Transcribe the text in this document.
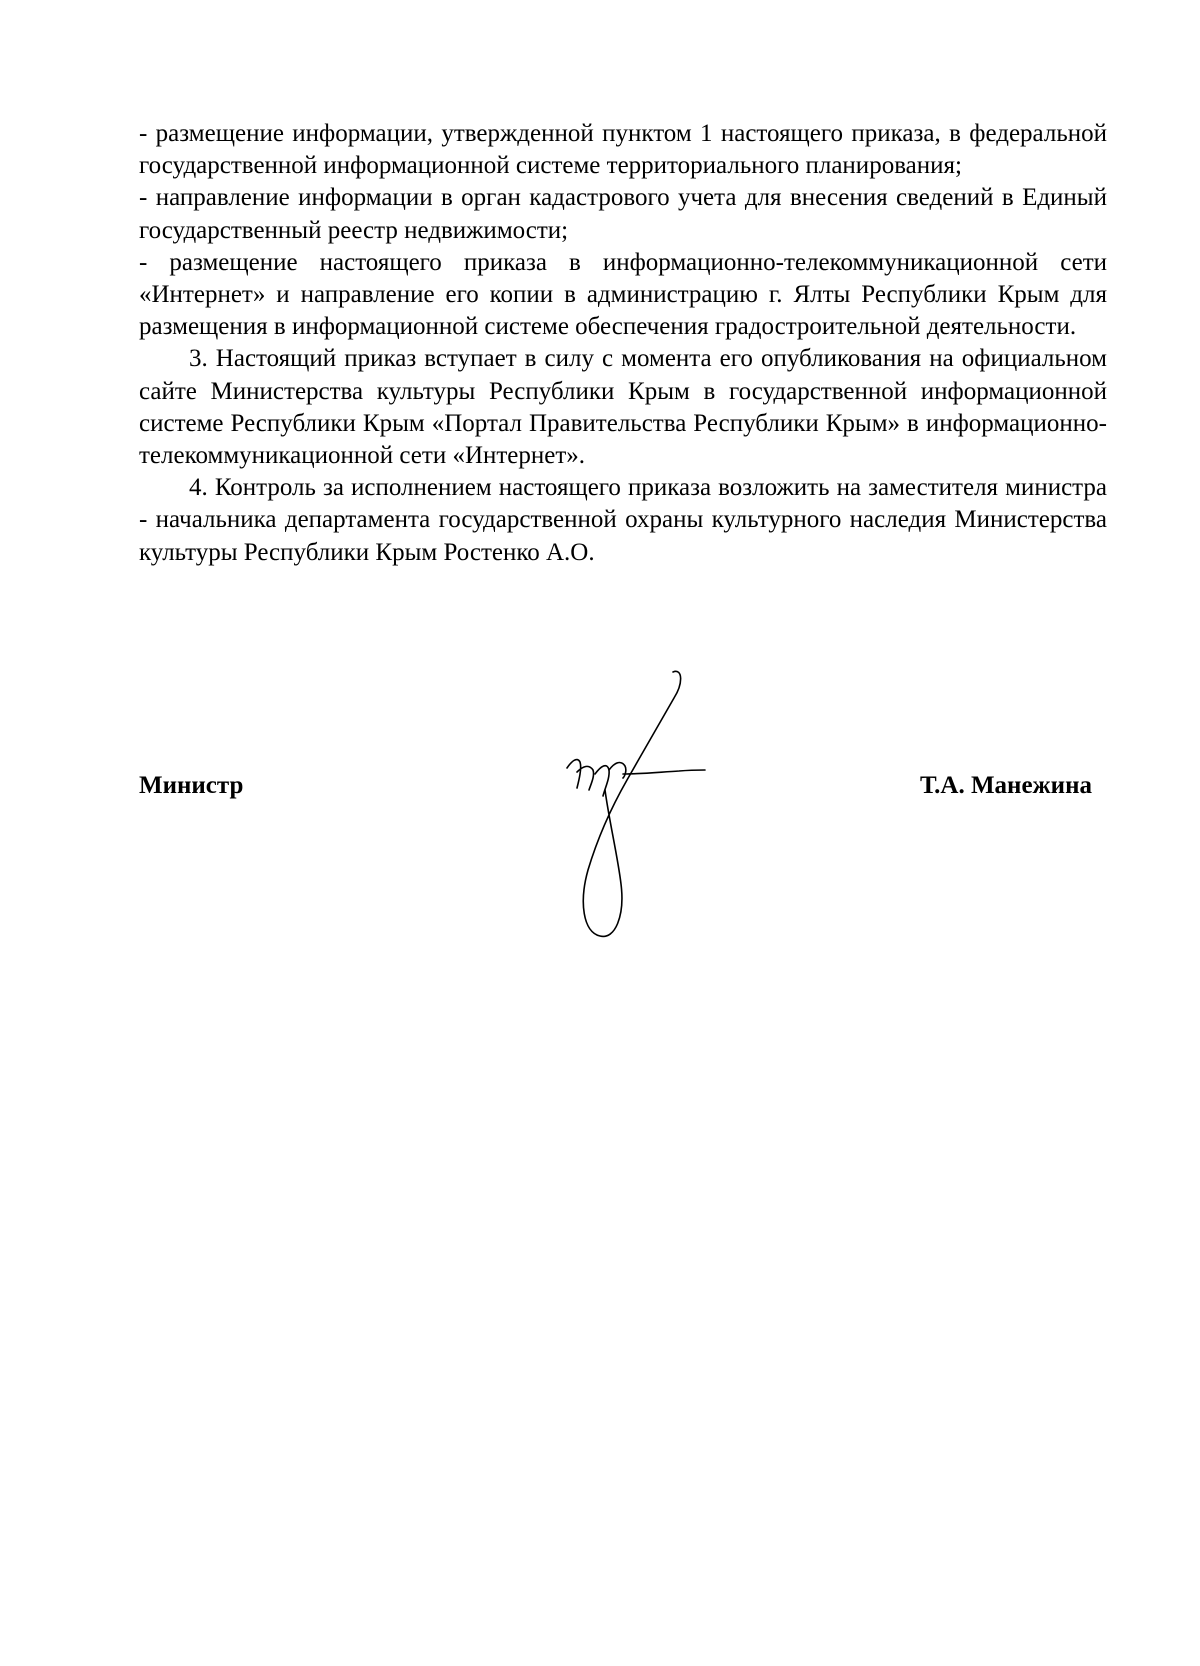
- размещение информации, утвержденной пунктом 1 настоящего приказа, в федеральной государственной информационной системе территориального планирования;

- направление информации в орган кадастрового учета для внесения сведений в Единый государственный реестр недвижимости;

- размещение настоящего приказа в информационно-телекоммуникационной сети «Интернет» и направление его копии в администрацию г. Ялты Республики Крым для размещения в информационной системе обеспечения градостроительной деятельности.

3. Настоящий приказ вступает в силу с момента его опубликования на официальном сайте Министерства культуры Республики Крым в государственной информационной системе Республики Крым «Портал Правительства Республики Крым» в информационно-телекоммуникационной сети «Интернет».

4. Контроль за исполнением настоящего приказа возложить на заместителя министра - начальника департамента государственной охраны культурного наследия Министерства культуры Республики Крым Ростенко А.О.

Министр	Т.А. Манежина
